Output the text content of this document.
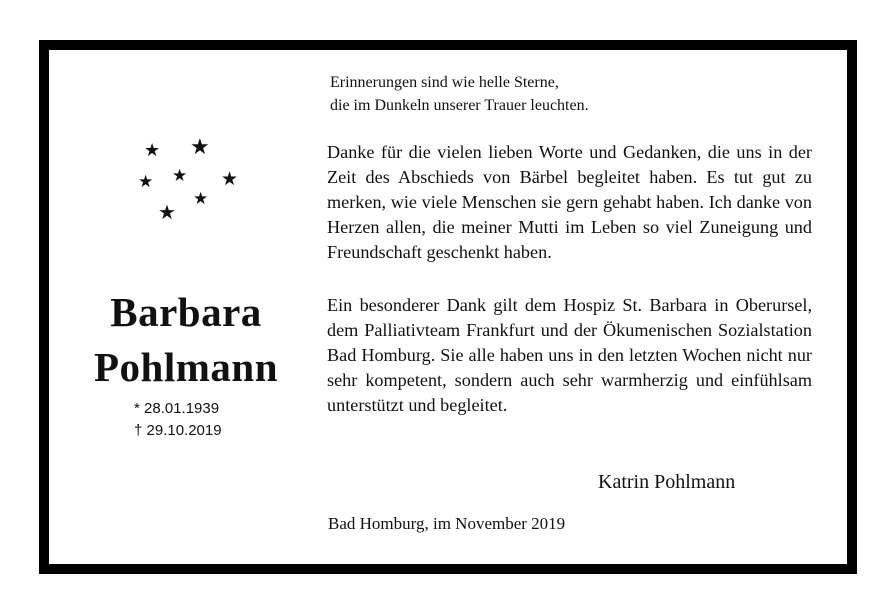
★ ★
★ ★ ★
★
★
Barbara
Pohlmann
* 28.01.1939
† 29.10.2019
Erinnerungen sind wie helle Sterne,
die im Dunkeln unserer Trauer leuchten.

Danke für die vielen lieben Worte und Gedanken, die uns in der Zeit des Abschieds von Bärbel begleitet haben. Es tut gut zu merken, wie viele Menschen sie gern gehabt haben. Ich danke von Herzen allen, die meiner Mutti im Leben so viel Zuneigung und Freundschaft geschenkt haben.

Ein besonderer Dank gilt dem Hospiz St. Barbara in Oberursel, dem Palliativteam Frankfurt und der Ökumenischen Sozialstation Bad Homburg. Sie alle haben uns in den letzten Wochen nicht nur sehr kompetent, sondern auch sehr warmherzig und einfühlsam unterstützt und begleitet.

Katrin Pohlmann
Bad Homburg, im November 2019
